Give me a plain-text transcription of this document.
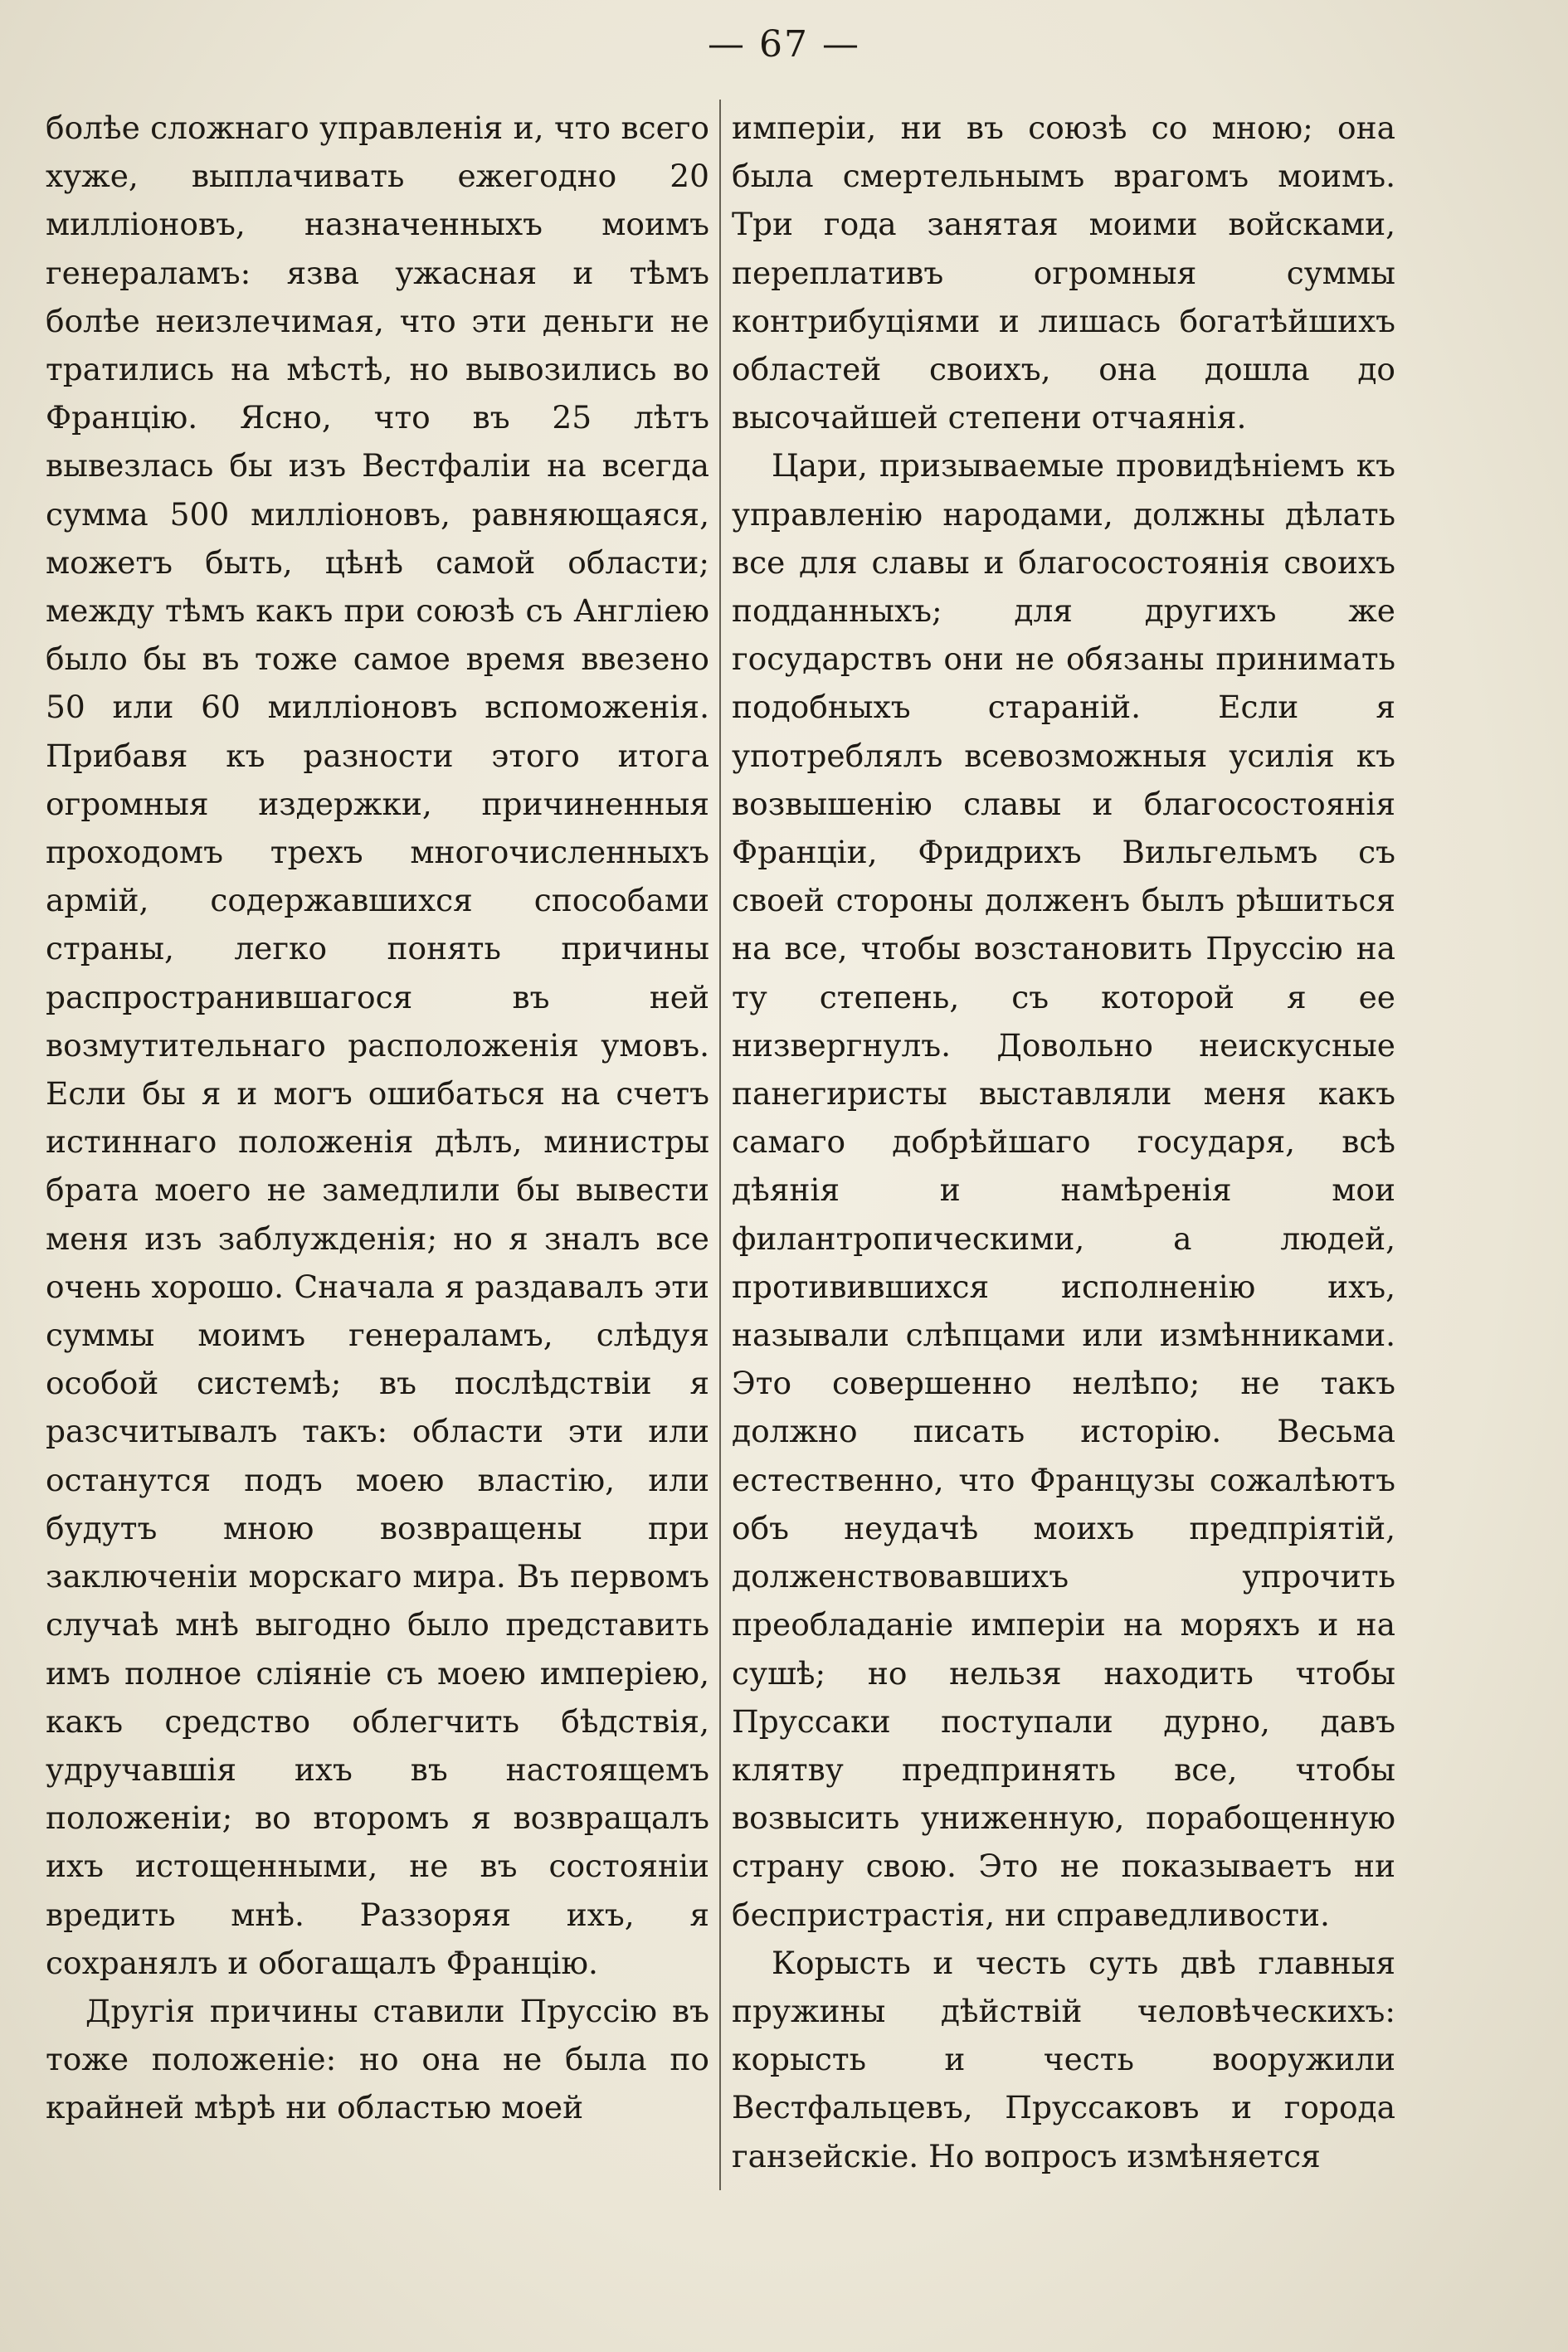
— 67 —

болѣе сложнаго управленія и, что всего хуже, выплачивать ежегодно 20 милліоновъ, назначенныхъ моимъ генераламъ: язва ужасная и тѣмъ болѣе неизлечимая, что эти деньги не тратились на мѣстѣ, но вывозились во Францію. Ясно, что въ 25 лѣтъ вывезлась бы изъ Вестфаліи на всегда сумма 500 милліоновъ, равняющаяся, можетъ быть, цѣнѣ самой области; между тѣмъ какъ при союзѣ съ Англіею было бы въ тоже самое время ввезено 50 или 60 милліоновъ вспоможенія. Прибавя къ разности этого итога огромныя издержки, причиненныя проходомъ трехъ многочисленныхъ армій, содержавшихся способами страны, легко понять причины распространившагося въ ней возмутительнаго расположенія умовъ. Если бы я и могъ ошибаться на счетъ истиннаго положенія дѣлъ, министры брата моего не замедлили бы вывести меня изъ заблужденія; но я зналъ все очень хорошо. Сначала я раздавалъ эти суммы моимъ генераламъ, слѣдуя особой системѣ; въ послѣдствіи я разсчитывалъ такъ: области эти или останутся подъ моею властію, или будутъ мною возвращены при заключеніи морскаго мира. Въ первомъ случаѣ мнѣ выгодно было представить имъ полное сліяніе съ моею имперіею, какъ средство облегчить бѣдствія, удручавшія ихъ въ настоящемъ положеніи; во второмъ я возвращалъ ихъ истощенными, не въ состояніи вредить мнѣ. Раззоряя ихъ, я сохранялъ и обогащалъ Францію.

Другія причины ставили Пруссію въ тоже положеніе: но она не была по крайней мѣрѣ ни областью моей

имперіи, ни въ союзѣ со мною; она была смертельнымъ врагомъ моимъ. Три года занятая моими войсками, переплативъ огромныя суммы контрибуціями и лишась богатѣйшихъ областей своихъ, она дошла до высочайшей степени отчаянія.

Цари, призываемые провидѣніемъ къ управленію народами, должны дѣлать все для славы и благосостоянія своихъ подданныхъ; для другихъ же государствъ они не обязаны принимать подобныхъ стараній. Если я употреблялъ всевозможныя усилія къ возвышенію славы и благосостоянія Франціи, Фридрихъ Вильгельмъ съ своей стороны долженъ былъ рѣшиться на все, чтобы возстановить Пруссію на ту степень, съ которой я ее низвергнулъ. Довольно неискусные панегиристы выставляли меня какъ самаго добрѣйшаго государя, всѣ дѣянія и намѣренія мои филантропическими, а людей, противившихся исполненію ихъ, называли слѣпцами или измѣнниками. Это совершенно нелѣпо; не такъ должно писать исторію. Весьма естественно, что Французы сожалѣютъ объ неудачѣ моихъ предпріятій, долженствовавшихъ упрочить преобладаніе имперіи на моряхъ и на сушѣ; но нельзя находить чтобы Пруссаки поступали дурно, давъ клятву предпринять все, чтобы возвысить униженную, порабощенную страну свою. Это не показываетъ ни беспристрастія, ни справедливости.

Корысть и честь суть двѣ главныя пружины дѣйствій человѣческихъ: корысть и честь вооружили Вестфальцевъ, Пруссаковъ и города ганзейскіе. Но вопросъ измѣняется
